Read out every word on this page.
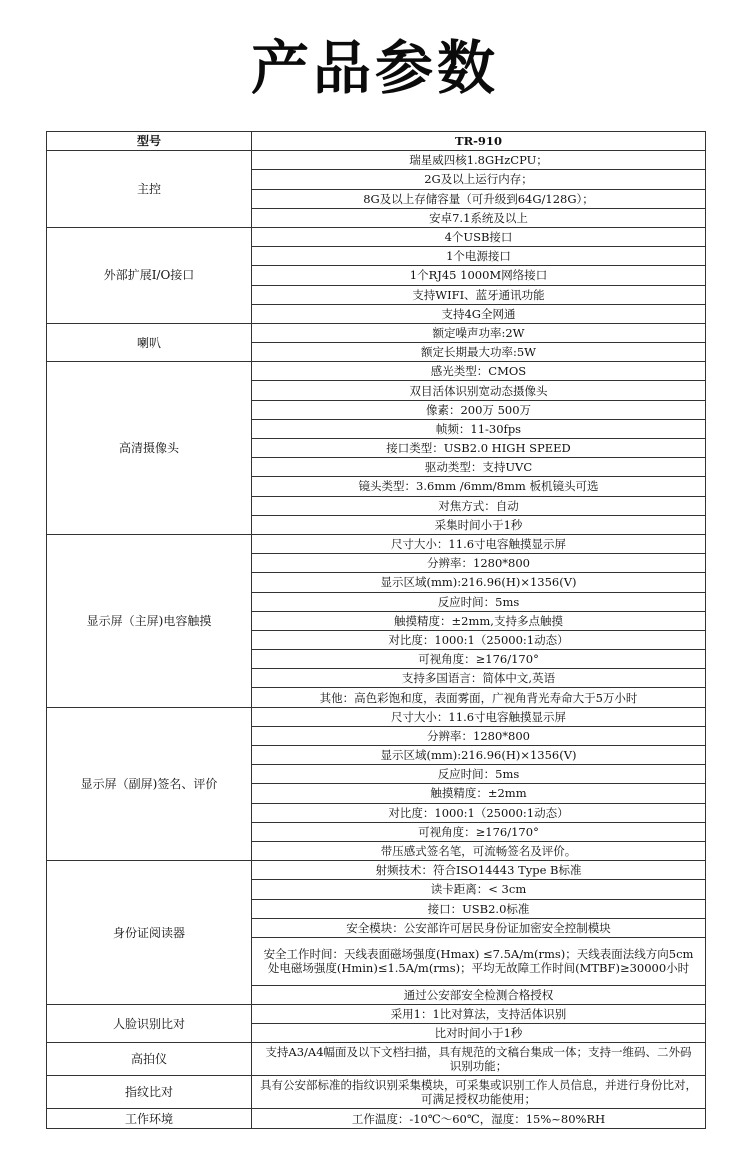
产品参数
型号	TR-910
主控	瑞星威四核1.8GHzCPU；
	2G及以上运行内存；
	8G及以上存储容量（可升级到64G/128G）；
	安卓7.1系统及以上
外部扩展I/O接口	4个USB接口
	1个电源接口
	1个RJ45 1000M网络接口
	支持WIFI、蓝牙通讯功能
	支持4G全网通
喇叭	额定噪声功率:2W
	额定长期最大功率:5W
高清摄像头	感光类型：CMOS
	双目活体识别宽动态摄像头
	像素：200万 500万
	帧频：11-30fps
	接口类型：USB2.0 HIGH SPEED
	驱动类型：支持UVC
	镜头类型：3.6mm /6mm/8mm 板机镜头可选
	对焦方式：自动
	采集时间小于1秒
显示屏（主屏)电容触摸	尺寸大小：11.6寸电容触摸显示屏
	分辨率：1280*800
	显示区域(mm):216.96(H)×1356(V)
	反应时间：5ms
	触摸精度：±2mm,支持多点触摸
	对比度：1000:1（25000:1动态）
	可视角度：≥176/170°
	支持多国语言：简体中文,英语
	其他：高色彩饱和度，表面雾面，广视角背光寿命大于5万小时
显示屏（副屏)签名、评价	尺寸大小：11.6寸电容触摸显示屏
	分辨率：1280*800
	显示区域(mm):216.96(H)×1356(V)
	反应时间：5ms
	触摸精度：±2mm
	对比度：1000:1（25000:1动态）
	可视角度：≥176/170°
	带压感式签名笔，可流畅签名及评价。
身份证阅读器	射频技术：符合ISO14443 Type B标准
	读卡距离：< 3cm
	接口：USB2.0标准
	安全模块：公安部许可居民身份证加密安全控制模块
	安全工作时间：天线表面磁场强度(Hmax) ≤7.5A/m(rms)；天线表面法线方向5cm处电磁场强度(Hmin)≤1.5A/m(rms)；平均无故障工作时间(MTBF)≥30000小时
	通过公安部安全检测合格授权
人脸识别比对	采用1：1比对算法，支持活体识别
	比对时间小于1秒
高拍仪	支持A3/A4幅面及以下文档扫描，具有规范的文稿台集成一体；支持一维码、二外码识别功能；
指纹比对	具有公安部标准的指纹识别采集模块，可采集或识别工作人员信息，并进行身份比对，可满足授权功能使用；
工作环境	工作温度：-10℃～60℃，湿度：15%~80%RH
